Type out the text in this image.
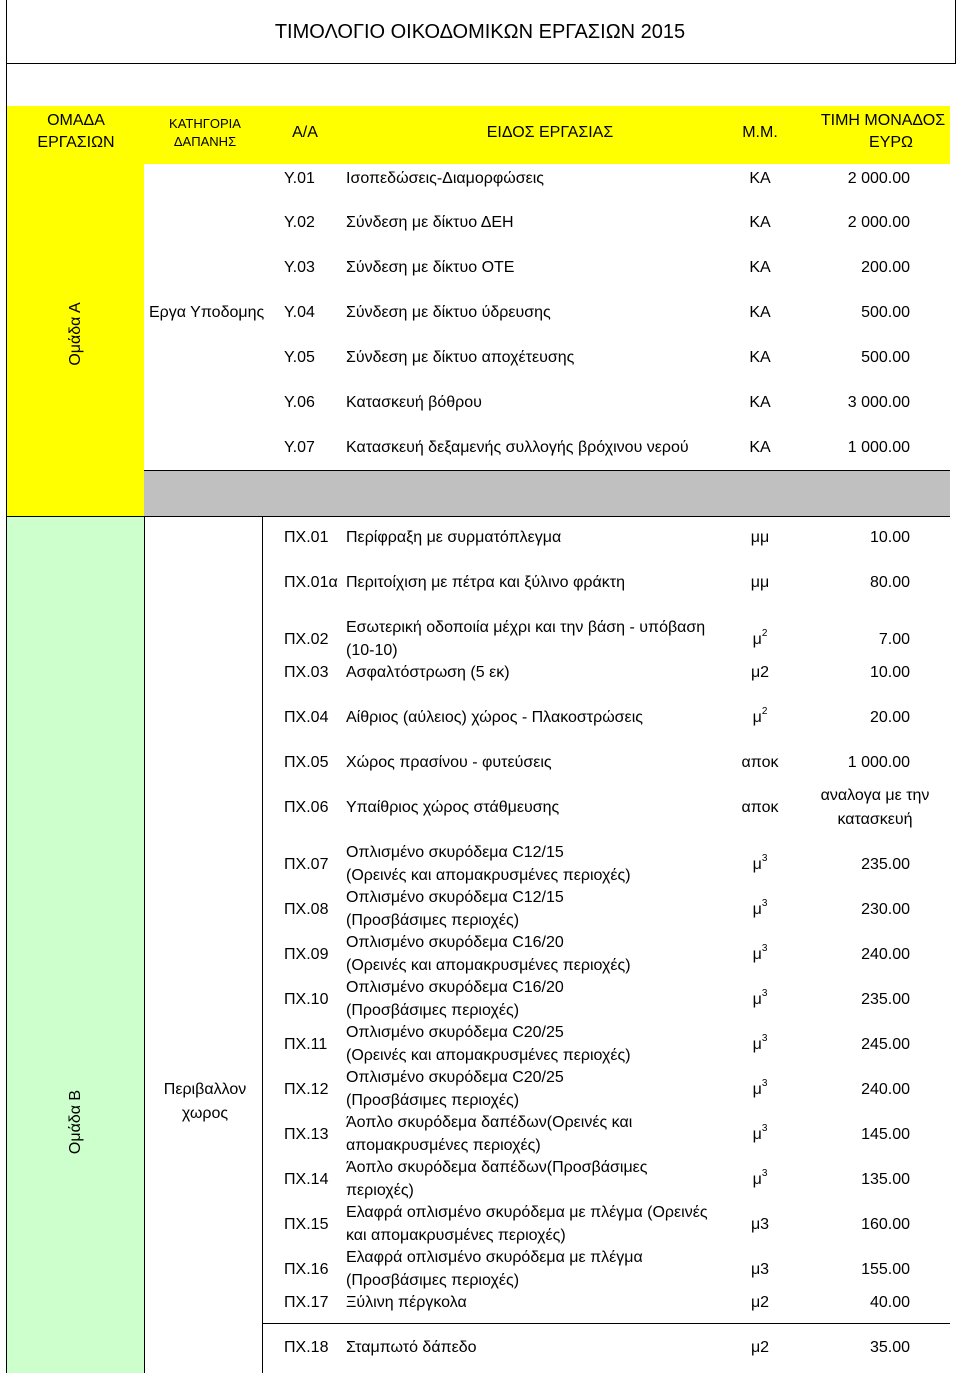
ΤΙΜΟΛΟΓΙΟ ΟΙΚΟΔΟΜΙΚΩΝ ΕΡΓΑΣΙΩΝ 2015
ΟΜΑΔΑ
ΕΡΓΑΣΙΩΝ
ΚΑΤΗΓΟΡΙΑ
ΔΑΠΑΝΗΣ
Α/Α	ΕΙΔΟΣ ΕΡΓΑΣΙΑΣ	Μ.Μ.
ΤΙΜΗ ΜΟΝΑΔΟΣ
ΕΥΡΩ
Ομάδα Α	Εργα Υποδομης
Υ.01 Ισοπεδώσεις-Διαμορφώσεις	ΚΑ	2 000.00
Υ.02 Σύνδεση με δίκτυο ΔΕΗ	ΚΑ	2 000.00
Υ.03 Σύνδεση με δίκτυο ΟΤΕ	ΚΑ	200.00
Υ.04 Σύνδεση με δίκτυο ύδρευσης	ΚΑ	500.00
Υ.05 Σύνδεση με δίκτυο αποχέτευσης	ΚΑ	500.00
Υ.06 Κατασκευή βόθρου	ΚΑ	3 000.00
Υ.07 Κατασκευή δεξαμενής συλλογής βρόχινου νερού	ΚΑ	1 000.00
Ομάδα Β
Περιβαλλον
χωρος
ΠΧ.01 Περίφραξη με συρματόπλεγμα	μμ	10.00
ΠΧ.01α Περιτοίχιση με πέτρα και ξύλινο φράκτη	μμ	80.00
ΠΧ.02
Εσωτερική οδοποιία μέχρι και την βάση - υπόβαση
(10-10)
$\mu^2$	7.00
ΠΧ.03 Ασφαλτόστρωση (5 εκ)	μ2	10.00
ΠΧ.04 Αίθριος (αύλειος) χώρος - Πλακοστρώσεις	$\mu^2$	20.00
ΠΧ.05 Χώρος πρασίνου - φυτεύσεις	αποκ	1 000.00
ΠΧ.06 Υπαίθριος χώρος στάθμευσης	αποκ
αναλογα με την
κατασκευή
ΠΧ.07
Οπλισμένο σκυρόδεμα C12/15
(Ορεινές και απομακρυσμένες περιοχές)
$\mu^3$	235.00
ΠΧ.08
Οπλισμένο σκυρόδεμα C12/15
(Προσβάσιμες περιοχές)
$\mu^3$	230.00
ΠΧ.09
Οπλισμένο σκυρόδεμα C16/20
(Ορεινές και απομακρυσμένες περιοχές)
$\mu^3$	240.00
ΠΧ.10
Οπλισμένο σκυρόδεμα C16/20
(Προσβάσιμες περιοχές)
$\mu^3$	235.00
ΠΧ.11
Οπλισμένο σκυρόδεμα C20/25
(Ορεινές και απομακρυσμένες περιοχές)
$\mu^3$	245.00
ΠΧ.12
Οπλισμένο σκυρόδεμα C20/25
(Προσβάσιμες περιοχές)
$\mu^3$	240.00
ΠΧ.13
Άοπλο σκυρόδεμα δαπέδων(Ορεινές και
απομακρυσμένες περιοχές)
$\mu^3$	145.00
ΠΧ.14
Άοπλο σκυρόδεμα δαπέδων(Προσβάσιμες
περιοχές)
$\mu^3$	135.00
ΠΧ.15
Ελαφρά οπλισμένο σκυρόδεμα με πλέγμα (Ορεινές
και απομακρυσμένες περιοχές)
μ3	160.00
ΠΧ.16
Ελαφρά οπλισμένο σκυρόδεμα με πλέγμα
(Προσβάσιμες περιοχές)
μ3	155.00
ΠΧ.17 Ξύλινη πέργκολα	μ2	40.00
ΠΧ.18 Σταμπωτό δάπεδο	μ2	35.00
